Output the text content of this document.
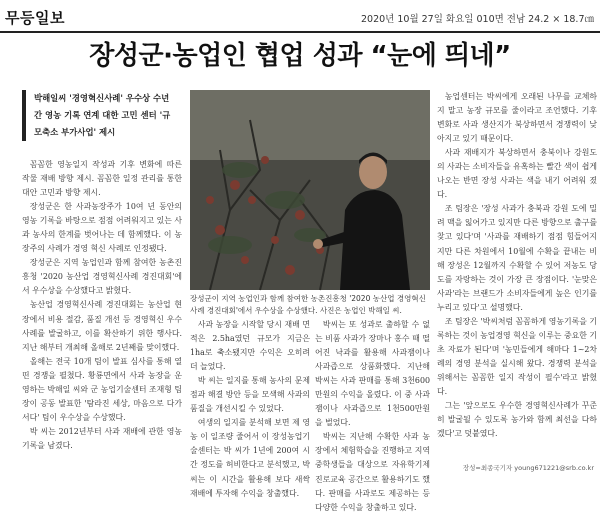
무등일보	2020년 10월 27일 화요일 010면 전남 24.2 × 18.7㎝
장성군·농업인 협업 성과 “눈에 띄네”
박해일씨 '경영혁신사례' 우수상 수년간 영농 기록 연계 대한 고민 센터 '규모축소 부가사업' 제시

꼼꼼한 영농일지 작성과 기후 변화에 따른 작물 재배 방향 제시. 꼼꼼한 일정 관리를 통한 대안 고민과 방향 제시.

장성군은 한 사과농장주가 10여 년 동안의 영농 기록을 바탕으로 점점 어려워지고 있는 사과 농사의 한계를 벗어나는 데 함께했다. 이 농장주의 사례가 경영 혁신 사례로 인정됐다.

장성군은 지역 농업인과 함께 참여한 농촌진흥청 '2020 농산업 경영혁신사례 경진대회'에서 우수상을 수상했다고 밝혔다.

농산업 경영혁신사례 경진대회는 농산업 현장에서 비용 절감, 품질 개선 등 경영혁신 우수 사례를 발굴하고, 이를 확산하기 위한 행사다. 지난 해부터 개최해 올해로 2년째를 맞이했다.

올해는 전국 10개 팀이 발표 심사를 통해 열띤 경쟁을 펼쳤다. 황룡면에서 사과 농장을 운영하는 박해일 씨와 군 농업기술센터 조재형 팀장이 공동 발표한 '탐라진 세상, 마음으로 다가서다' 팀이 우수상을 수상했다.

박 씨는 2012년부터 사과 재배에 관한 영농 기록을 남겼다.

장성군이 지역 농업인과 함께 참여한 농촌진흥청 '2020 농산업 경영혁신사례 경진대회'에서 우수상을 수상했다. 사진은 농업인 박해일 씨.

사과 농장을 시작할 당시 재배 면적은 2.5ha였던 규모가 지금은 1ha로 축소됐지만 수익은 오히려 더 늘었다.

박 씨는 일지를 통해 농사의 문제점과 해결 방안 등을 모색해 사과의 품질을 개선시킬 수 있었다.

여생의 일지를 분석해 보면 제 영농 이 일조량 줄어서 이 장성농업기술센터는 박 씨가 1년에 200여 시간 정도를 허비한다고 분석했고, 박 씨는 이 시간을 활용해 보다 새싹 재배에 투자해 수익을 창출했다.

박씨는 또 성과로 출하할 수 없는 비품 사과가 장마나 홍수 때 떨어진 낙과를 활용해 사과잼이나 사과즙으로 상품화했다. 지난해 박씨는 사과 판매를 통해 3천600만원의 수익을 올렸다. 이 중 사과잼이나 사과즙으로 1천500만원을 벌었다.

박씨는 지난해 수확한 사과 농장에서 체험학습을 진행하고 지역 중학생들을 대상으로 자유학기제 진로교육 공간으로 활용하기도 했다. 판매를 사과로도 제공하는 등 다양한 수익을 창출하고 있다.

농업센터는 박씨에게 오래된 나무를 교체하지 말고 농장 규모를 줄이라고 조언했다. 기후 변화로 사과 생산지가 북상하면서 경쟁력이 낮아지고 있기 때문이다.

사과 재배지가 북상하면서 충북이나 강원도의 사과는 소비자들을 유혹하는 빨간 색이 쉽게 나오는 반면 장성 사과는 색을 내기 어려워 졌다.

조 팀장은 '장성 사과가 충북과 강원 도에 밀려 맥을 잃어가고 있지만 다른 방향으로 출구를 찾고 있다'며 '사과를 재배하기 점점 힘들어지지만 다른 차원에서 10월에 수확을 끝내는 비해 장성은 12월까지 수확할 수 있어 저농도 당도를 자랑하는 것이 가장 큰 장점이다. '눈맞은 사과'라는 브랜드가 소비자들에게 높은 인기를 누리고 있다'고 설명했다.

조 팀장은 '박씨처럼 꼼꼼하게 영농기록을 기록하는 것이 농업경영 혁신을 이루는 중요한 기초 자료가 된다'며 '농민들에게 해마다 1~2차례의 경영 분석을 실시해 왔다. 경쟁력 분석을 위해서는 꼼꼼한 일지 작성이 필수'라고 밝혔다.

그는 '앞으로도 우수한 경영혁신사례가 꾸준히 발굴될 수 있도록 농가와 함께 최선을 다하겠다'고 덧붙였다.

장성=최종국기자 young671221@srb.co.kr
